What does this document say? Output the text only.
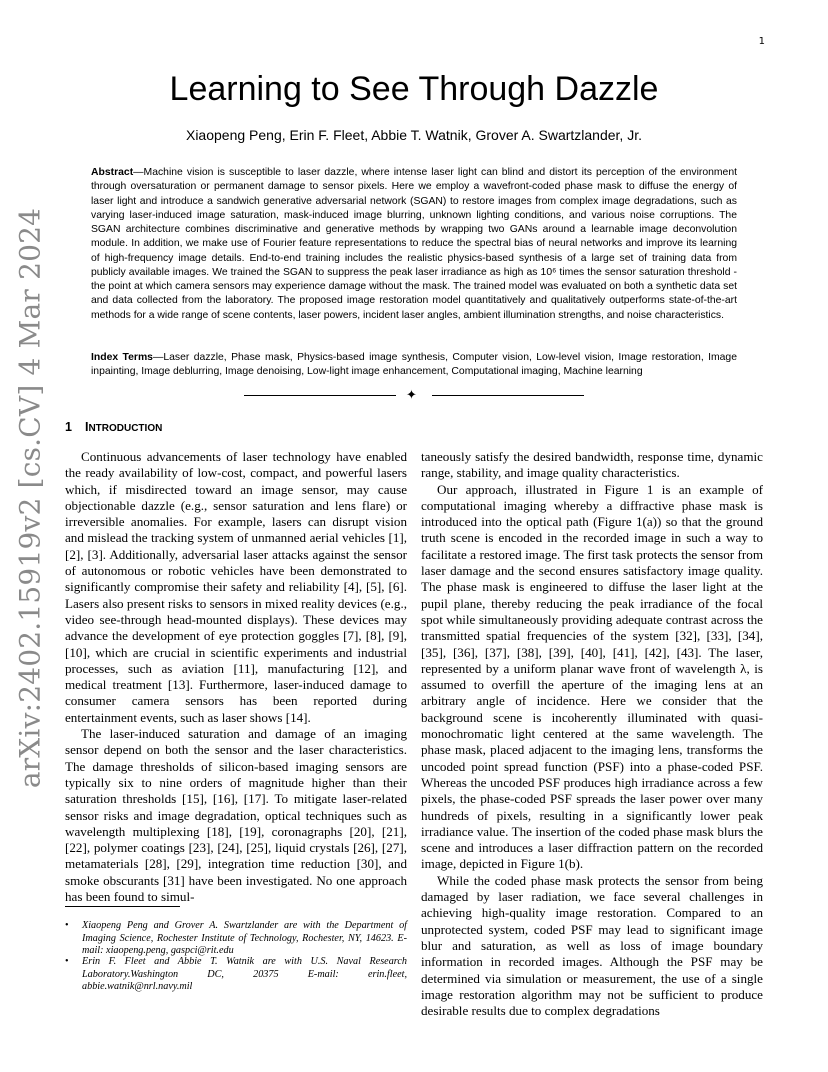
1
arXiv:2402.15919v2 [cs.CV] 4 Mar 2024
Learning to See Through Dazzle
Xiaopeng Peng, Erin F. Fleet, Abbie T. Watnik, Grover A. Swartzlander, Jr.
Abstract—Machine vision is susceptible to laser dazzle, where intense laser light can blind and distort its perception of the environment through oversaturation or permanent damage to sensor pixels. Here we employ a wavefront-coded phase mask to diffuse the energy of laser light and introduce a sandwich generative adversarial network (SGAN) to restore images from complex image degradations, such as varying laser-induced image saturation, mask-induced image blurring, unknown lighting conditions, and various noise corruptions. The SGAN architecture combines discriminative and generative methods by wrapping two GANs around a learnable image deconvolution module. In addition, we make use of Fourier feature representations to reduce the spectral bias of neural networks and improve its learning of high-frequency image details. End-to-end training includes the realistic physics-based synthesis of a large set of training data from publicly available images. We trained the SGAN to suppress the peak laser irradiance as high as 10⁶ times the sensor saturation threshold - the point at which camera sensors may experience damage without the mask. The trained model was evaluated on both a synthetic data set and data collected from the laboratory. The proposed image restoration model quantitatively and qualitatively outperforms state-of-the-art methods for a wide range of scene contents, laser powers, incident laser angles, ambient illumination strengths, and noise characteristics.
Index Terms—Laser dazzle, Phase mask, Physics-based image synthesis, Computer vision, Low-level vision, Image restoration, Image inpainting, Image deblurring, Image denoising, Low-light image enhancement, Computational imaging, Machine learning
✦
1 INTRODUCTION

Continuous advancements of laser technology have enabled the ready availability of low-cost, compact, and powerful lasers which, if misdirected toward an image sensor, may cause objectionable dazzle (e.g., sensor saturation and lens flare) or irreversible anomalies. For example, lasers can disrupt vision and mislead the tracking system of unmanned aerial vehicles [1], [2], [3]. Additionally, adversarial laser attacks against the sensor of autonomous or robotic vehicles have been demonstrated to significantly compromise their safety and reliability [4], [5], [6]. Lasers also present risks to sensors in mixed reality devices (e.g., video see-through head-mounted displays). These devices may advance the development of eye protection goggles [7], [8], [9], [10], which are crucial in scientific experiments and industrial processes, such as aviation [11], manufacturing [12], and medical treatment [13]. Furthermore, laser-induced damage to consumer camera sensors has been reported during entertainment events, such as laser shows [14].

The laser-induced saturation and damage of an imaging sensor depend on both the sensor and the laser characteristics. The damage thresholds of silicon-based imaging sensors are typically six to nine orders of magnitude higher than their saturation thresholds [15], [16], [17]. To mitigate laser-related sensor risks and image degradation, optical techniques such as wavelength multiplexing [18], [19], coronagraphs [20], [21], [22], polymer coatings [23], [24], [25], liquid crystals [26], [27], metamaterials [28], [29], integration time reduction [30], and smoke obscurants [31] have been investigated. No one approach has been found to simul-

taneously satisfy the desired bandwidth, response time, dynamic range, stability, and image quality characteristics.

Our approach, illustrated in Figure 1 is an example of computational imaging whereby a diffractive phase mask is introduced into the optical path (Figure 1(a)) so that the ground truth scene is encoded in the recorded image in such a way to facilitate a restored image. The first task protects the sensor from laser damage and the second ensures satisfactory image quality. The phase mask is engineered to diffuse the laser light at the pupil plane, thereby reducing the peak irradiance of the focal spot while simultaneously providing adequate contrast across the transmitted spatial frequencies of the system [32], [33], [34], [35], [36], [37], [38], [39], [40], [41], [42], [43]. The laser, represented by a uniform planar wave front of wavelength λ, is assumed to overfill the aperture of the imaging lens at an arbitrary angle of incidence. Here we consider that the background scene is incoherently illuminated with quasi-monochromatic light centered at the same wavelength. The phase mask, placed adjacent to the imaging lens, transforms the uncoded point spread function (PSF) into a phase-coded PSF. Whereas the uncoded PSF produces high irradiance across a few pixels, the phase-coded PSF spreads the laser power over many hundreds of pixels, resulting in a significantly lower peak irradiance value. The insertion of the coded phase mask blurs the scene and introduces a laser diffraction pattern on the recorded image, depicted in Figure 1(b).

While the coded phase mask protects the sensor from being damaged by laser radiation, we face several challenges in achieving high-quality image restoration. Compared to an unprotected system, coded PSF may lead to significant image blur and saturation, as well as loss of image boundary information in recorded images. Although the PSF may be determined via simulation or measurement, the use of a single image restoration algorithm may not be sufficient to produce desirable results due to complex degradations

• Xiaopeng Peng and Grover A. Swartzlander are with the Department of Imaging Science, Rochester Institute of Technology, Rochester, NY, 14623. E-mail: xiaopeng.peng, gaspci@rit.edu
• Erin F. Fleet and Abbie T. Watnik are with U.S. Naval Research Laboratory.Washington DC, 20375 E-mail: erin.fleet, abbie.watnik@nrl.navy.mil
